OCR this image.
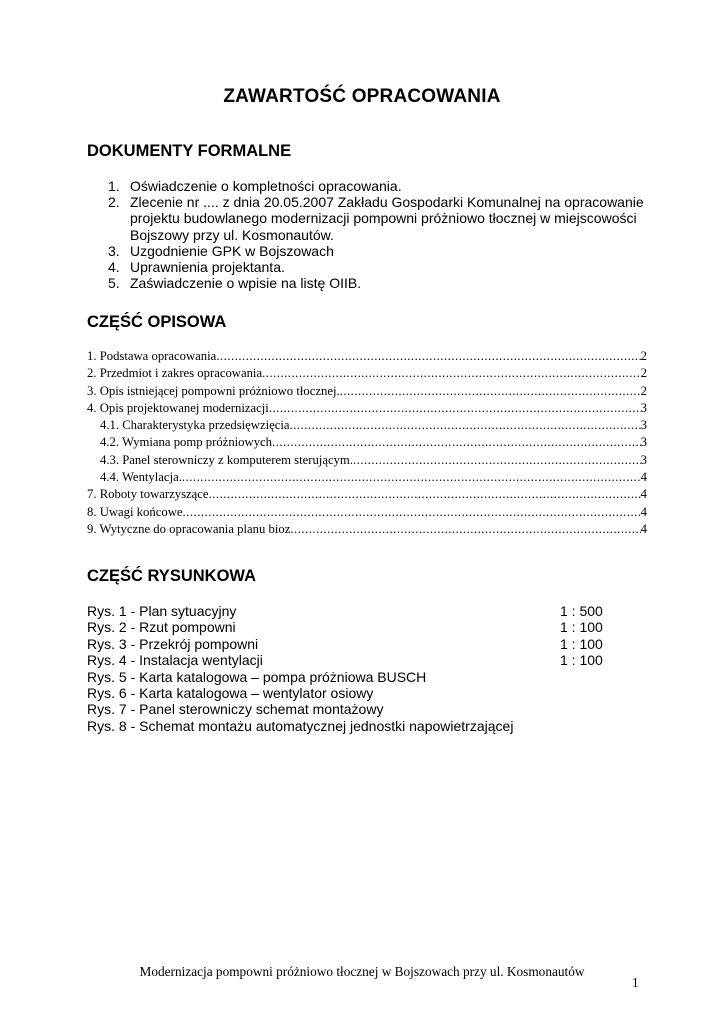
ZAWARTOŚĆ OPRACOWANIA
DOKUMENTY FORMALNE
1. Oświadczenie o kompletności opracowania.
2. Zlecenie nr .... z dnia 20.05.2007 Zakładu Gospodarki Komunalnej na opracowanie projektu budowlanego modernizacji pompowni próżniowo tłocznej w miejscowości Bojszowy przy ul. Kosmonautów.
3. Uzgodnienie GPK w Bojszowach
4. Uprawnienia projektanta.
5. Zaświadczenie o wpisie na listę OIIB.
CZĘŚĆ OPISOWA
1. Podstawa opracowania .....	2
2. Przedmiot i zakres opracowania .....	2
3. Opis istniejącej pompowni próżniowo tłocznej. .....	2
4. Opis projektowanej modernizacji .....	3
4.1. Charakterystyka przedsięwzięcia .....	3
4.2. Wymiana pomp próżniowych .....	3
4.3. Panel sterowniczy z komputerem sterującym. .....	3
4.4. Wentylacja. .....	4
7. Roboty towarzyszące .....	4
8. Uwagi końcowe .....	4
9. Wytyczne do opracowania planu bioz .....	4
CZĘŚĆ RYSUNKOWA
Rys. 1 - Plan sytuacyjny	1 : 500
Rys. 2 - Rzut pompowni	1 : 100
Rys. 3 - Przekrój pompowni	1 : 100
Rys. 4 - Instalacja wentylacji	1 : 100
Rys. 5 - Karta katalogowa – pompa próżniowa BUSCH
Rys. 6 - Karta katalogowa – wentylator osiowy
Rys. 7 - Panel sterowniczy schemat montażowy
Rys. 8 - Schemat montażu automatycznej jednostki napowietrzającej
Modernizacja pompowni próżniowo tłocznej w Bojszowach przy ul. Kosmonautów
1
